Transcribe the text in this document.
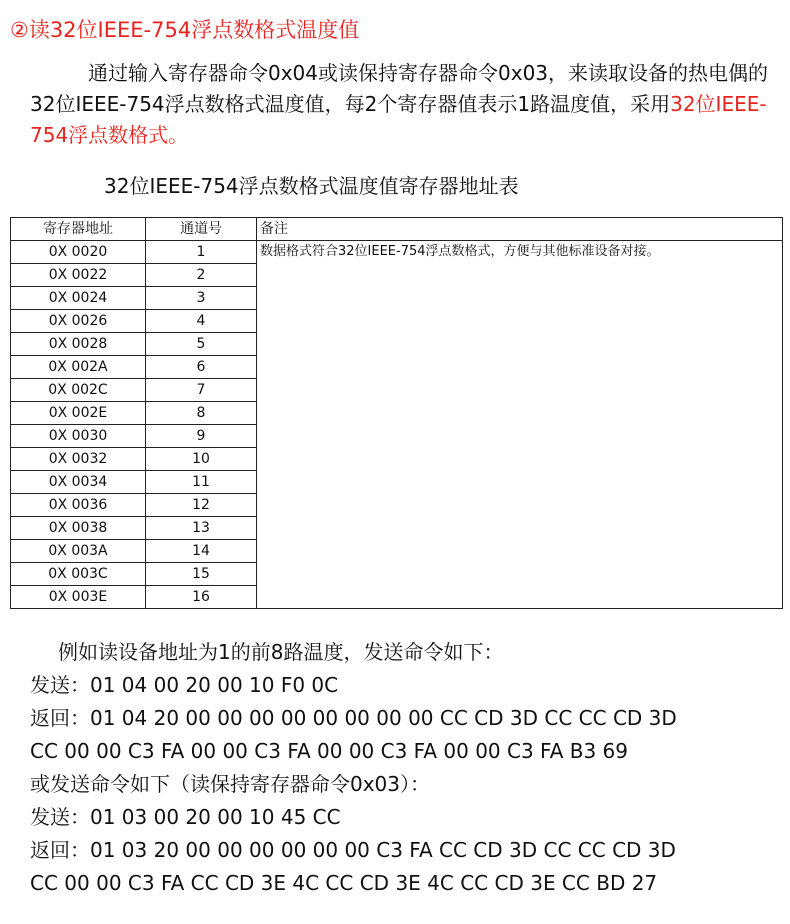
②读32位IEEE-754浮点数格式温度值

通过输入寄存器命令0x04或读保持寄存器命令0x03，来读取设备的热电偶的32位IEEE-754浮点数格式温度值，每2个寄存器值表示1路温度值，采用32位IEEE-754浮点数格式。

32位IEEE-754浮点数格式温度值寄存器地址表
寄存器地址	通道号	备注
0X 0020	1	数据格式符合32位IEEE-754浮点数格式，方便与其他标准设备对接。
0X 0022	2	
0X 0024	3	
0X 0026	4	
0X 0028	5	
0X 002A	6	
0X 002C	7	
0X 002E	8	
0X 0030	9	
0X 0032	10	
0X 0034	11	
0X 0036	12	
0X 0038	13	
0X 003A	14	
0X 003C	15	
0X 003E	16	
例如读设备地址为1的前8路温度，发送命令如下：
发送：01 04 00 20 00 10 F0 0C
返回：01 04 20 00 00 00 00 00 00 00 00 CC CD 3D CC CC CD 3D
CC 00 00 C3 FA 00 00 C3 FA 00 00 C3 FA 00 00 C3 FA B3 69
或发送命令如下（读保持寄存器命令0x03）：
发送：01 03 00 20 00 10 45 CC
返回：01 03 20 00 00 00 00 00 00 C3 FA CC CD 3D CC CC CD 3D
CC 00 00 C3 FA CC CD 3E 4C CC CD 3E 4C CC CD 3E CC BD 27
